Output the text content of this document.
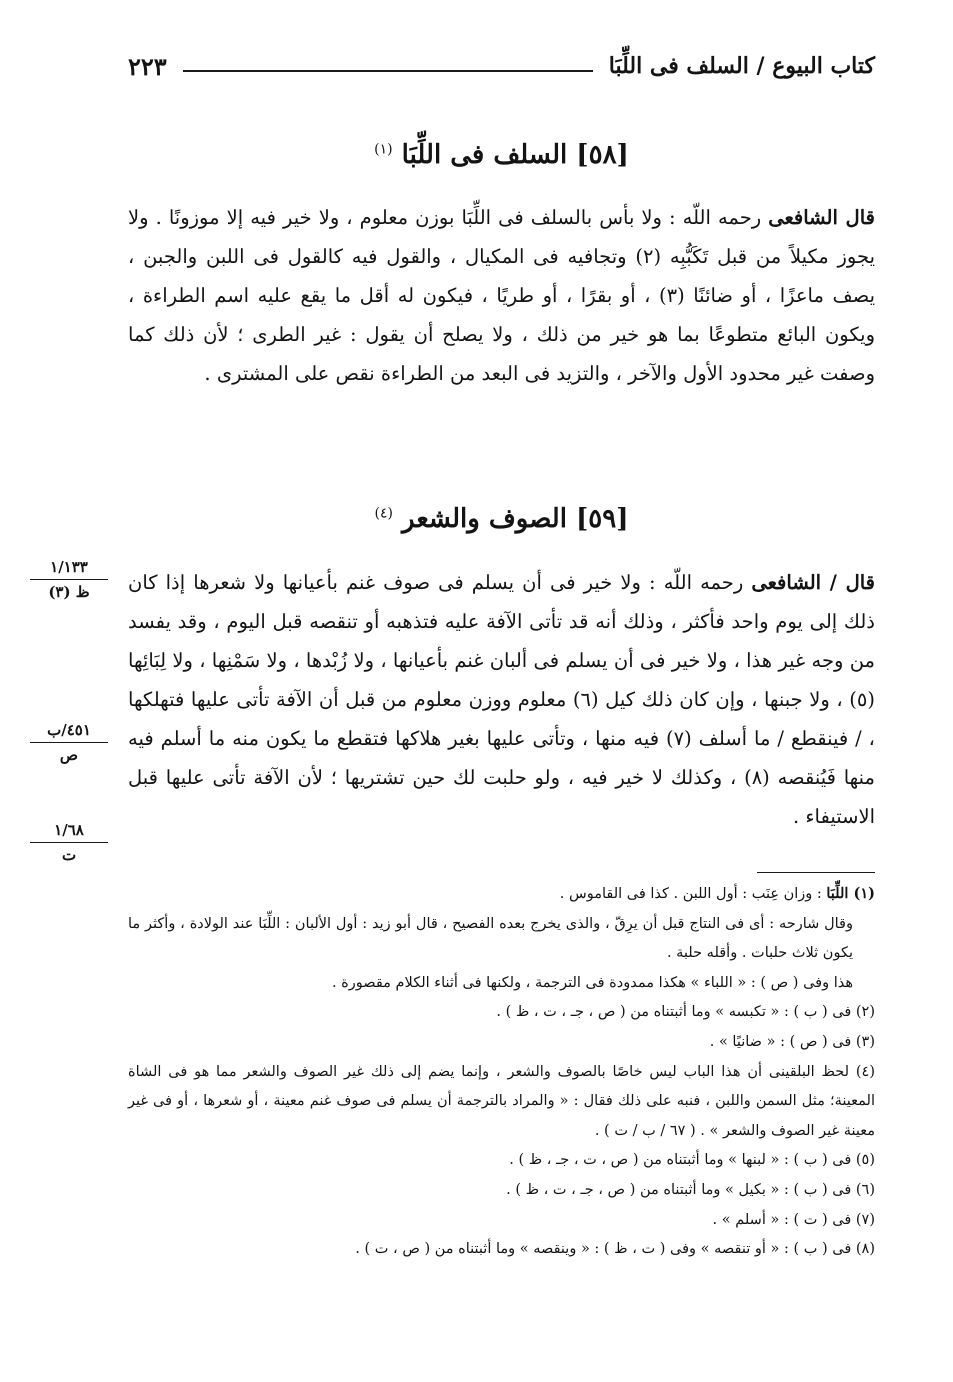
كتاب البيوع / السلف فى اللِّبَا
٢٢٣
[٥٨] السلف فى اللِّبَا $^{(١)}$
قال الشافعى رحمه اللّه : ولا بأس بالسلف فى اللِّبَا بوزن معلوم ، ولا خير فيه إلا موزونًا . ولا يجوز مكيلاً من قبل تَكَبُّبِه (٢) وتجافيه فى المكيال ، والقول فيه كالقول فى اللبن والجبن ، يصف ماعزًا ، أو ضائنًا (٣) ، أو بقرًا ، أو طريًا ، فيكون له أقل ما يقع عليه اسم الطراءة ، ويكون البائع متطوعًا بما هو خير من ذلك ، ولا يصلح أن يقول : غير الطرى ؛ لأن ذلك كما وصفت غير محدود الأول والآخر ، والتزيد فى البعد من الطراءة نقص على المشترى .
[٥٩] الصوف والشعر $^{(٤)}$
قال / الشافعى رحمه اللّه : ولا خير فى أن يسلم فى صوف غنم بأعيانها ولا شعرها إذا كان ذلك إلى يوم واحد فأكثر ، وذلك أنه قد تأتى الآفة عليه فتذهبه أو تنقصه قبل اليوم ، وقد يفسد من وجه غير هذا ، ولا خير فى أن يسلم فى ألبان غنم بأعيانها ، ولا زُبْدها ، ولا سَمْنِها ، ولا لِبَائِها (٥) ، ولا جبنها ، وإن كان ذلك كيل (٦) معلوم ووزن معلوم من قبل أن الآفة تأتى عليها فتهلكها ، / فينقطع / ما أسلف (٧) فيه منها ، وتأتى عليها بغير هلاكها فتقطع ما يكون منه ما أسلم فيه منها فَيُنقصه (٨) ، وكذلك لا خير فيه ، ولو حلبت لك حين تشتريها ؛ لأن الآفة تأتى عليها قبل الاستيفاء .
١/١٣٣
ظ (٣)
٤٥١/ب
ص
١/٦٨
ت
(١) اللِّبَا : وزان عِنَب : أول اللبن . كذا فى القاموس .
وقال شارحه : أى فى النتاج قبل أن يرِقّ ، والذى يخرج بعده الفصيح ، قال أبو زيد : أول الألبان : اللِّبَا عند الولادة ، وأكثر ما يكون ثلاث حلبات . وأقله حلبة .
هذا وفى ( ص ) : « اللباء » هكذا ممدودة فى الترجمة ، ولكنها فى أثناء الكلام مقصورة .
(٢) فى ( ب ) : « تكبسه » وما أثبتناه من ( ص ، جـ ، ت ، ظ ) .
(٣) فى ( ص ) : « ضانيًا » .
(٤) لحظ البلقينى أن هذا الباب ليس خاصًا بالصوف والشعر ، وإنما يضم إلى ذلك غير الصوف والشعر مما هو فى الشاة المعينة؛ مثل السمن واللبن ، فنبه على ذلك فقال : « والمراد بالترجمة أن يسلم فى صوف غنم معينة ، أو شعرها ، أو فى غير معينة غير الصوف والشعر » . ( ٦٧ / ب / ت ) .
(٥) فى ( ب ) : « لبنها » وما أثبتناه من ( ص ، ت ، جـ ، ظ ) .
(٦) فى ( ب ) : « بكيل » وما أثبتناه من ( ص ، جـ ، ت ، ظ ) .
(٧) فى ( ت ) : « أسلم » .
(٨) فى ( ب ) : « أو تنقصه » وفى ( ت ، ظ ) : « وينقصه » وما أثبتناه من ( ص ، ت ) .
